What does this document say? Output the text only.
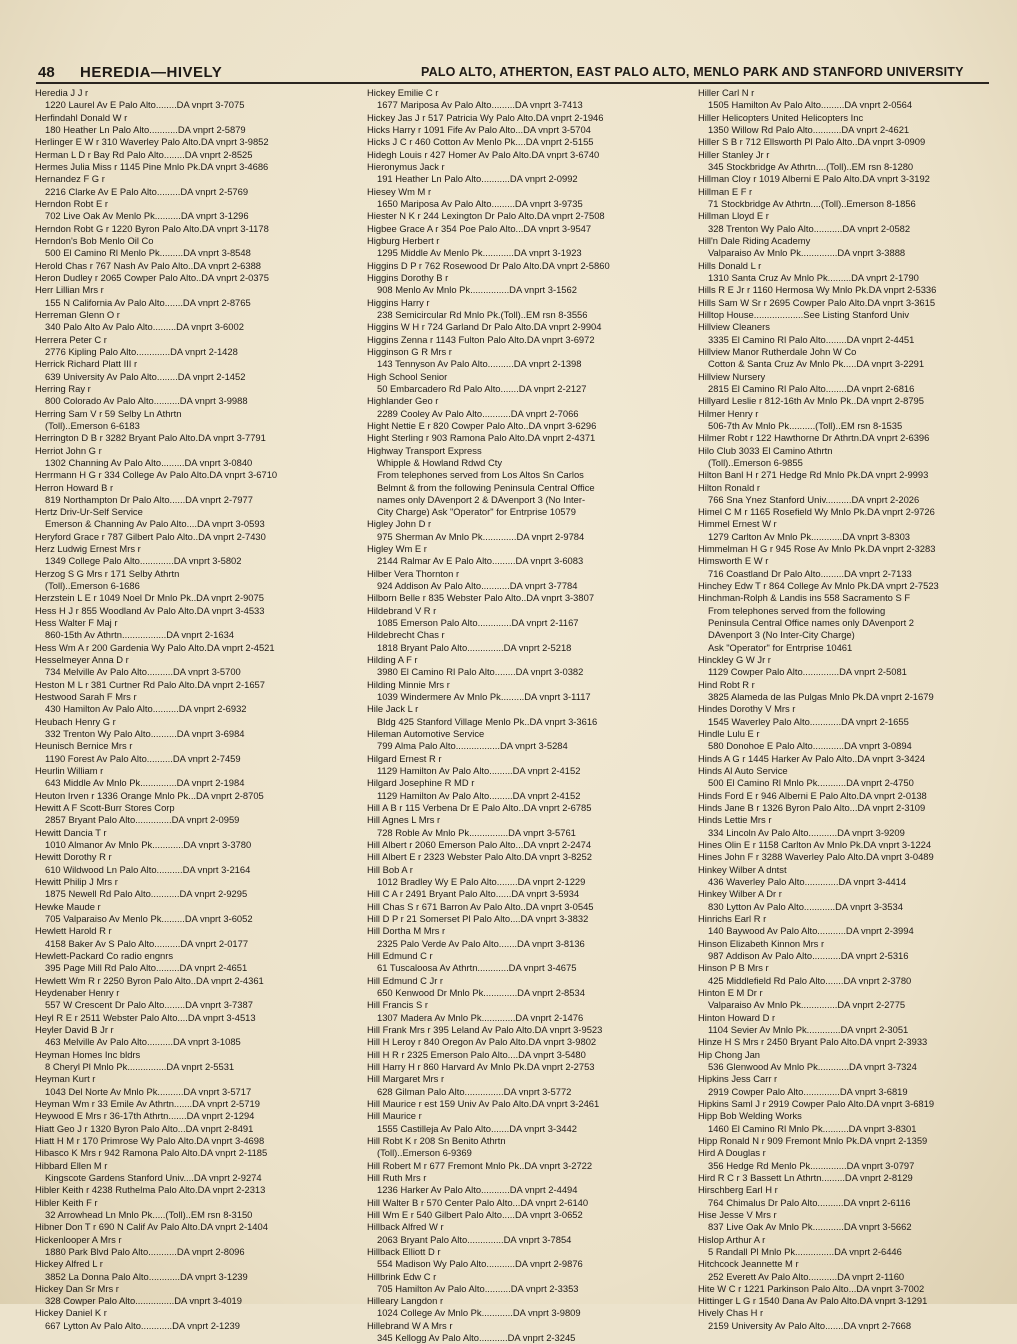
48 HEREDIA—HIVELY	PALO ALTO, ATHERTON, EAST PALO ALTO, MENLO PARK AND STANFORD UNIVERSITY
Heredia J J r
1220 Laurel Av E Palo Alto........DA vnprt 3-7075
Herfindahl Donald W r
180 Heather Ln Palo Alto...........DA vnprt 2-5879
Herlinger E W r 310 Waverley Palo Alto.DA vnprt 3-9852
Herman L D r Bay Rd Palo Alto........DA vnprt 2-8525
Hermes Julia Miss r 1145 Pine Mnlo Pk.DA vnprt 3-4686
Hernandez F G r
2216 Clarke Av E Palo Alto.........DA vnprt 2-5769
Herndon Robt E r
702 Live Oak Av Menlo Pk..........DA vnprt 3-1296
Herndon Robt G r 1220 Byron Palo Alto.DA vnprt 3-1178
Herndon's Bob Menlo Oil Co
500 El Camino Rl Menlo Pk.........DA vnprt 3-8548
Herold Chas r 767 Nash Av Palo Alto..DA vnprt 2-6388
Heron Dudley r 2065 Cowper Palo Alto..DA vnprt 2-0375
Herr Lillian Mrs r
155 N California Av Palo Alto.......DA vnprt 2-8765
Herreman Glenn O r
340 Palo Alto Av Palo Alto.........DA vnprt 3-6002
Herrera Peter C r
2776 Kipling Palo Alto.............DA vnprt 2-1428
Herrick Richard Platt III r
639 University Av Palo Alto........DA vnprt 2-1452
Herring Ray r
800 Colorado Av Palo Alto..........DA vnprt 3-9988
Herring Sam V r 59 Selby Ln Athrtn
(Toll)..Emerson 6-6183
Herrington D B r 3282 Bryant Palo Alto.DA vnprt 3-7791
Herriot John G r
1302 Channing Av Palo Alto.........DA vnprt 3-0840
Herrmann H G r 334 College Av Palo Alto.DA vnprt 3-6710
Herron Howard B r
819 Northampton Dr Palo Alto......DA vnprt 2-7977
Hertz Driv-Ur-Self Service
Emerson & Channing Av Palo Alto....DA vnprt 3-0593
Heryford Grace r 787 Gilbert Palo Alto..DA vnprt 2-7430
Herz Ludwig Ernest Mrs r
1349 College Palo Alto.............DA vnprt 3-5802
Herzog S G Mrs r 171 Selby Athrtn
(Toll)..Emerson 6-1686
Herzstein L E r 1049 Noel Dr Mnlo Pk..DA vnprt 2-9075
Hess H J r 855 Woodland Av Palo Alto.DA vnprt 3-4533
Hess Walter F Maj r
860-15th Av Athrtn.................DA vnprt 2-1634
Hess Wm A r 200 Gardenia Wy Palo Alto.DA vnprt 2-4521
Hesselmeyer Anna D r
734 Melville Av Palo Alto..........DA vnprt 3-5700
Heston M L r 381 Curtner Rd Palo Alto.DA vnprt 2-1657
Hestwood Sarah F Mrs r
430 Hamilton Av Palo Alto..........DA vnprt 2-6932
Heubach Henry G r
332 Trenton Wy Palo Alto..........DA vnprt 3-6984
Heunisch Bernice Mrs r
1190 Forest Av Palo Alto..........DA vnprt 2-7459
Heurlin William r
643 Middle Av Mnlo Pk..............DA vnprt 2-1984
Heuton Irven r 1336 Orange Mnlo Pk...DA vnprt 2-8705
Hewitt A F Scott-Burr Stores Corp
2857 Bryant Palo Alto..............DA vnprt 2-0959
Hewitt Dancia T r
1010 Almanor Av Mnlo Pk............DA vnprt 3-3780
Hewitt Dorothy R r
610 Wildwood Ln Palo Alto..........DA vnprt 3-2164
Hewitt Philip J Mrs r
1875 Newell Rd Palo Alto...........DA vnprt 2-9295
Hewke Maude r
705 Valparaiso Av Menlo Pk.........DA vnprt 3-6052
Hewlett Harold R r
4158 Baker Av S Palo Alto..........DA vnprt 2-0177
Hewlett-Packard Co radio engnrs
395 Page Mill Rd Palo Alto.........DA vnprt 2-4651
Hewlett Wm R r 2250 Byron Palo Alto..DA vnprt 2-4361
Heydenaber Henry r
557 W Crescent Dr Palo Alto........DA vnprt 3-7387
Heyl R E r 2511 Webster Palo Alto....DA vnprt 3-4513
Heyler David B Jr r
463 Melville Av Palo Alto..........DA vnprt 3-1085
Heyman Homes Inc bldrs
8 Cheryl Pl Mnlo Pk...............DA vnprt 2-5531
Heyman Kurt r
1043 Del Norte Av Mnlo Pk..........DA vnprt 3-5717
Heyman Wm r 33 Emile Av Athrtn.......DA vnprt 2-5719
Heywood E Mrs r 36-17th Athrtn.......DA vnprt 2-1294
Hiatt Geo J r 1320 Byron Palo Alto...DA vnprt 2-8491
Hiatt H M r 170 Primrose Wy Palo Alto.DA vnprt 3-4698
Hibasco K Mrs r 942 Ramona Palo Alto.DA vnprt 2-1185
Hibbard Ellen M r
Kingscote Gardens Stanford Univ....DA vnprt 2-9274
Hibler Keith r 4238 Ruthelma Palo Alto.DA vnprt 2-2313
Hibler Keith F r
32 Arrowhead Ln Mnlo Pk.....(Toll)..EM rsn 8-3150
Hibner Don T r 690 N Calif Av Palo Alto.DA vnprt 2-1404
Hickenlooper A Mrs r
1880 Park Blvd Palo Alto...........DA vnprt 2-8096
Hickey Alfred L r
3852 La Donna Palo Alto............DA vnprt 3-1239
Hickey Dan Sr Mrs r
328 Cowper Palo Alto...............DA vnprt 3-4019
Hickey Daniel K r
667 Lytton Av Palo Alto............DA vnprt 2-1239
Hickey Emilie C r
1677 Mariposa Av Palo Alto.........DA vnprt 3-7413
Hickey Jas J r 517 Patricia Wy Palo Alto.DA vnprt 2-1946
Hicks Harry r 1091 Fife Av Palo Alto...DA vnprt 3-5704
Hicks J C r 460 Cotton Av Menlo Pk....DA vnprt 2-5155
Hidegh Louis r 427 Homer Av Palo Alto.DA vnprt 3-6740
Hieronymus Jack r
191 Heather Ln Palo Alto...........DA vnprt 2-0992
Hiesey Wm M r
1650 Mariposa Av Palo Alto.........DA vnprt 3-9735
Hiester N K r 244 Lexington Dr Palo Alto.DA vnprt 2-7508
Higbee Grace A r 354 Poe Palo Alto...DA vnprt 3-9547
Higburg Herbert r
1295 Middle Av Menlo Pk............DA vnprt 3-1923
Higgins D P r 762 Rosewood Dr Palo Alto.DA vnprt 2-5860
Higgins Dorothy B r
908 Menlo Av Mnlo Pk...............DA vnprt 3-1562
Higgins Harry r
238 Semicircular Rd Mnlo Pk.(Toll)..EM rsn 8-3556
Higgins W H r 724 Garland Dr Palo Alto.DA vnprt 2-9904
Higgins Zenna r 1143 Fulton Palo Alto.DA vnprt 3-6972
Higginson G R Mrs r
143 Tennyson Av Palo Alto..........DA vnprt 2-1398
High School Senior
50 Embarcadero Rd Palo Alto.......DA vnprt 2-2127
Highlander Geo r
2289 Cooley Av Palo Alto...........DA vnprt 2-7066
Hight Nettie E r 820 Cowper Palo Alto..DA vnprt 3-6296
Hight Sterling r 903 Ramona Palo Alto.DA vnprt 2-4371
Highway Transport Express
Whipple & Howland Rdwd Cty
From telephones served from Los Altos Sn Carlos
Belmnt & from the following Peninsula Central Office
names only DAvenport 2 & DAvenport 3 (No Inter-
City Charge) Ask "Operator" for Entrprise 10579
Higley John D r
975 Sherman Av Mnlo Pk.............DA vnprt 2-9784
Higley Wm E r
2144 Ralmar Av E Palo Alto.........DA vnprt 3-6083
Hilber Vera Thornton r
924 Addison Av Palo Alto...........DA vnprt 3-7784
Hilborn Belle r 835 Webster Palo Alto..DA vnprt 3-3807
Hildebrand V R r
1085 Emerson Palo Alto.............DA vnprt 2-1167
Hildebrecht Chas r
1818 Bryant Palo Alto..............DA vnprt 2-5218
Hilding A F r
3980 El Camino Rl Palo Alto........DA vnprt 3-0382
Hilding Minnie Mrs r
1039 Windermere Av Mnlo Pk.........DA vnprt 3-1117
Hile Jack L r
Bldg 425 Stanford Village Menlo Pk..DA vnprt 3-3616
Hileman Automotive Service
799 Alma Palo Alto.................DA vnprt 3-5284
Hilgard Ernest R r
1129 Hamilton Av Palo Alto.........DA vnprt 2-4152
Hilgard Josephine R MD r
1129 Hamilton Av Palo Alto.........DA vnprt 2-4152
Hill A B r 115 Verbena Dr E Palo Alto..DA vnprt 2-6785
Hill Agnes L Mrs r
728 Roble Av Mnlo Pk...............DA vnprt 3-5761
Hill Albert r 2060 Emerson Palo Alto...DA vnprt 2-2474
Hill Albert E r 2323 Webster Palo Alto.DA vnprt 3-8252
Hill Bob A r
1012 Bradley Wy E Palo Alto........DA vnprt 2-1229
Hill C A r 2491 Bryant Palo Alto......DA vnprt 3-5934
Hill Chas S r 671 Barron Av Palo Alto..DA vnprt 3-0545
Hill D P r 21 Somerset Pl Palo Alto....DA vnprt 3-3832
Hill Dortha M Mrs r
2325 Palo Verde Av Palo Alto.......DA vnprt 3-8136
Hill Edmund C r
61 Tuscaloosa Av Athrtn............DA vnprt 3-4675
Hill Edmund C Jr r
650 Kenwood Dr Mnlo Pk.............DA vnprt 2-8534
Hill Francis S r
1307 Madera Av Mnlo Pk.............DA vnprt 2-1476
Hill Frank Mrs r 395 Leland Av Palo Alto.DA vnprt 3-9523
Hill H Leroy r 840 Oregon Av Palo Alto.DA vnprt 3-9802
Hill H R r 2325 Emerson Palo Alto....DA vnprt 3-5480
Hill Harry H r 860 Harvard Av Mnlo Pk.DA vnprt 2-2753
Hill Margaret Mrs r
628 Gilman Palo Alto...............DA vnprt 3-5772
Hill Maurice r est 159 Univ Av Palo Alto.DA vnprt 3-2461
Hill Maurice r
1555 Castilleja Av Palo Alto.......DA vnprt 3-3442
Hill Robt K r 208 Sn Benito Athrtn
(Toll)..Emerson 6-9369
Hill Robert M r 677 Fremont Mnlo Pk..DA vnprt 3-2722
Hill Ruth Mrs r
1236 Harker Av Palo Alto...........DA vnprt 2-4494
Hill Walter B r 570 Center Palo Alto...DA vnprt 2-6140
Hill Wm E r 540 Gilbert Palo Alto.....DA vnprt 3-0652
Hillback Alfred W r
2063 Bryant Palo Alto..............DA vnprt 3-7854
Hillback Elliott D r
554 Madison Wy Palo Alto...........DA vnprt 2-9876
Hillbrink Edw C r
705 Hamilton Av Palo Alto..........DA vnprt 2-3353
Hilleary Langdon r
1024 College Av Mnlo Pk............DA vnprt 3-9809
Hillebrand W A Mrs r
345 Kellogg Av Palo Alto...........DA vnprt 2-3245
Hiller Carl N r
1505 Hamilton Av Palo Alto.........DA vnprt 2-0564
Hiller Helicopters United Helicopters Inc
1350 Willow Rd Palo Alto...........DA vnprt 2-4621
Hiller S B r 712 Ellsworth Pl Palo Alto..DA vnprt 3-0909
Hiller Stanley Jr r
345 Stockbridge Av Athrtn....(Toll)..EM rsn 8-1280
Hillman Cloy r 1019 Alberni E Palo Alto.DA vnprt 3-3192
Hillman E F r
71 Stockbridge Av Athrtn....(Toll)..Emerson 8-1856
Hillman Lloyd E r
328 Trenton Wy Palo Alto...........DA vnprt 2-0582
Hill'n Dale Riding Academy
Valparaiso Av Mnlo Pk..............DA vnprt 3-3888
Hills Donald L r
1310 Santa Cruz Av Mnlo Pk.........DA vnprt 2-1790
Hills R E Jr r 1160 Hermosa Wy Mnlo Pk.DA vnprt 2-5336
Hills Sam W Sr r 2695 Cowper Palo Alto.DA vnprt 3-3615
Hilltop House...................See Listing Stanford Univ
Hillview Cleaners
3335 El Camino Rl Palo Alto........DA vnprt 2-4451
Hillview Manor Rutherdale John W Co
Cotton & Santa Cruz Av Mnlo Pk.....DA vnprt 3-2291
Hillview Nursery
2815 El Camino Rl Palo Alto........DA vnprt 2-6816
Hillyard Leslie r 812-16th Av Mnlo Pk..DA vnprt 2-8795
Hilmer Henry r
506-7th Av Mnlo Pk..........(Toll)..EM rsn 8-1535
Hilmer Robt r 122 Hawthorne Dr Athrtn.DA vnprt 2-6396
Hilo Club 3033 El Camino Athrtn
(Toll)..Emerson 6-9855
Hilton Banl H r 271 Hedge Rd Mnlo Pk.DA vnprt 2-9993
Hilton Ronald r
766 Sna Ynez Stanford Univ..........DA vnprt 2-2026
Himel C M r 1165 Rosefield Wy Mnlo Pk.DA vnprt 2-9726
Himmel Ernest W r
1279 Carlton Av Mnlo Pk............DA vnprt 3-8303
Himmelman H G r 945 Rose Av Mnlo Pk.DA vnprt 2-3283
Himsworth E W r
716 Coastland Dr Palo Alto.........DA vnprt 2-7133
Hinchey Edw T r 864 College Av Mnlo Pk.DA vnprt 2-7523
Hinchman-Rolph & Landis ins 558 Sacramento S F
From telephones served from the following
Peninsula Central Office names only DAvenport 2
DAvenport 3 (No Inter-City Charge)
Ask "Operator" for Entrprise 10461
Hinckley G W Jr r
1129 Cowper Palo Alto..............DA vnprt 2-5081
Hind Robt R r
3825 Alameda de las Pulgas Mnlo Pk.DA vnprt 2-1679
Hindes Dorothy V Mrs r
1545 Waverley Palo Alto............DA vnprt 2-1655
Hindle Lulu E r
580 Donohoe E Palo Alto............DA vnprt 3-0894
Hinds A G r 1445 Harker Av Palo Alto..DA vnprt 3-3424
Hinds Al Auto Service
500 El Camino Rl Mnlo Pk...........DA vnprt 2-4750
Hinds Ford E r 946 Alberni E Palo Alto.DA vnprt 2-0138
Hinds Jane B r 1326 Byron Palo Alto...DA vnprt 2-3109
Hinds Lettie Mrs r
334 Lincoln Av Palo Alto...........DA vnprt 3-9209
Hines Olin E r 1158 Carlton Av Mnlo Pk.DA vnprt 3-1224
Hines John F r 3288 Waverley Palo Alto.DA vnprt 3-0489
Hinkey Wilber A dntst
436 Waverley Palo Alto.............DA vnprt 3-4414
Hinkey Wilber A Dr r
830 Lytton Av Palo Alto............DA vnprt 3-3534
Hinrichs Earl R r
140 Baywood Av Palo Alto...........DA vnprt 2-3994
Hinson Elizabeth Kinnon Mrs r
987 Addison Av Palo Alto...........DA vnprt 2-5316
Hinson P B Mrs r
425 Middlefield Rd Palo Alto.......DA vnprt 2-3780
Hinton E M Dr r
Valparaiso Av Mnlo Pk..............DA vnprt 2-2775
Hinton Howard D r
1104 Sevier Av Mnlo Pk.............DA vnprt 2-3051
Hinze H S Mrs r 2450 Bryant Palo Alto.DA vnprt 2-3933
Hip Chong Jan
536 Glenwood Av Mnlo Pk............DA vnprt 3-7324
Hipkins Jess Carr r
2919 Cowper Palo Alto..............DA vnprt 3-6819
Hipkins Saml J r 2919 Cowper Palo Alto.DA vnprt 3-6819
Hipp Bob Welding Works
1460 El Camino Rl Mnlo Pk..........DA vnprt 3-8301
Hipp Ronald N r 909 Fremont Mnlo Pk.DA vnprt 2-1359
Hird A Douglas r
356 Hedge Rd Menlo Pk..............DA vnprt 3-0797
Hird R C r 3 Bassett Ln Athrtn.........DA vnprt 2-8129
Hirschberg Earl H r
764 Chimalus Dr Palo Alto..........DA vnprt 2-6116
Hise Jesse V Mrs r
837 Live Oak Av Mnlo Pk............DA vnprt 3-5662
Hislop Arthur A r
5 Randall Pl Mnlo Pk...............DA vnprt 2-6446
Hitchcock Jeannette M r
252 Everett Av Palo Alto...........DA vnprt 2-1160
Hite W C r 1221 Parkinson Palo Alto...DA vnprt 3-7002
Hittinger L G r 1540 Dana Av Palo Alto.DA vnprt 3-1291
Hively Chas H r
2159 University Av Palo Alto.......DA vnprt 2-7668
